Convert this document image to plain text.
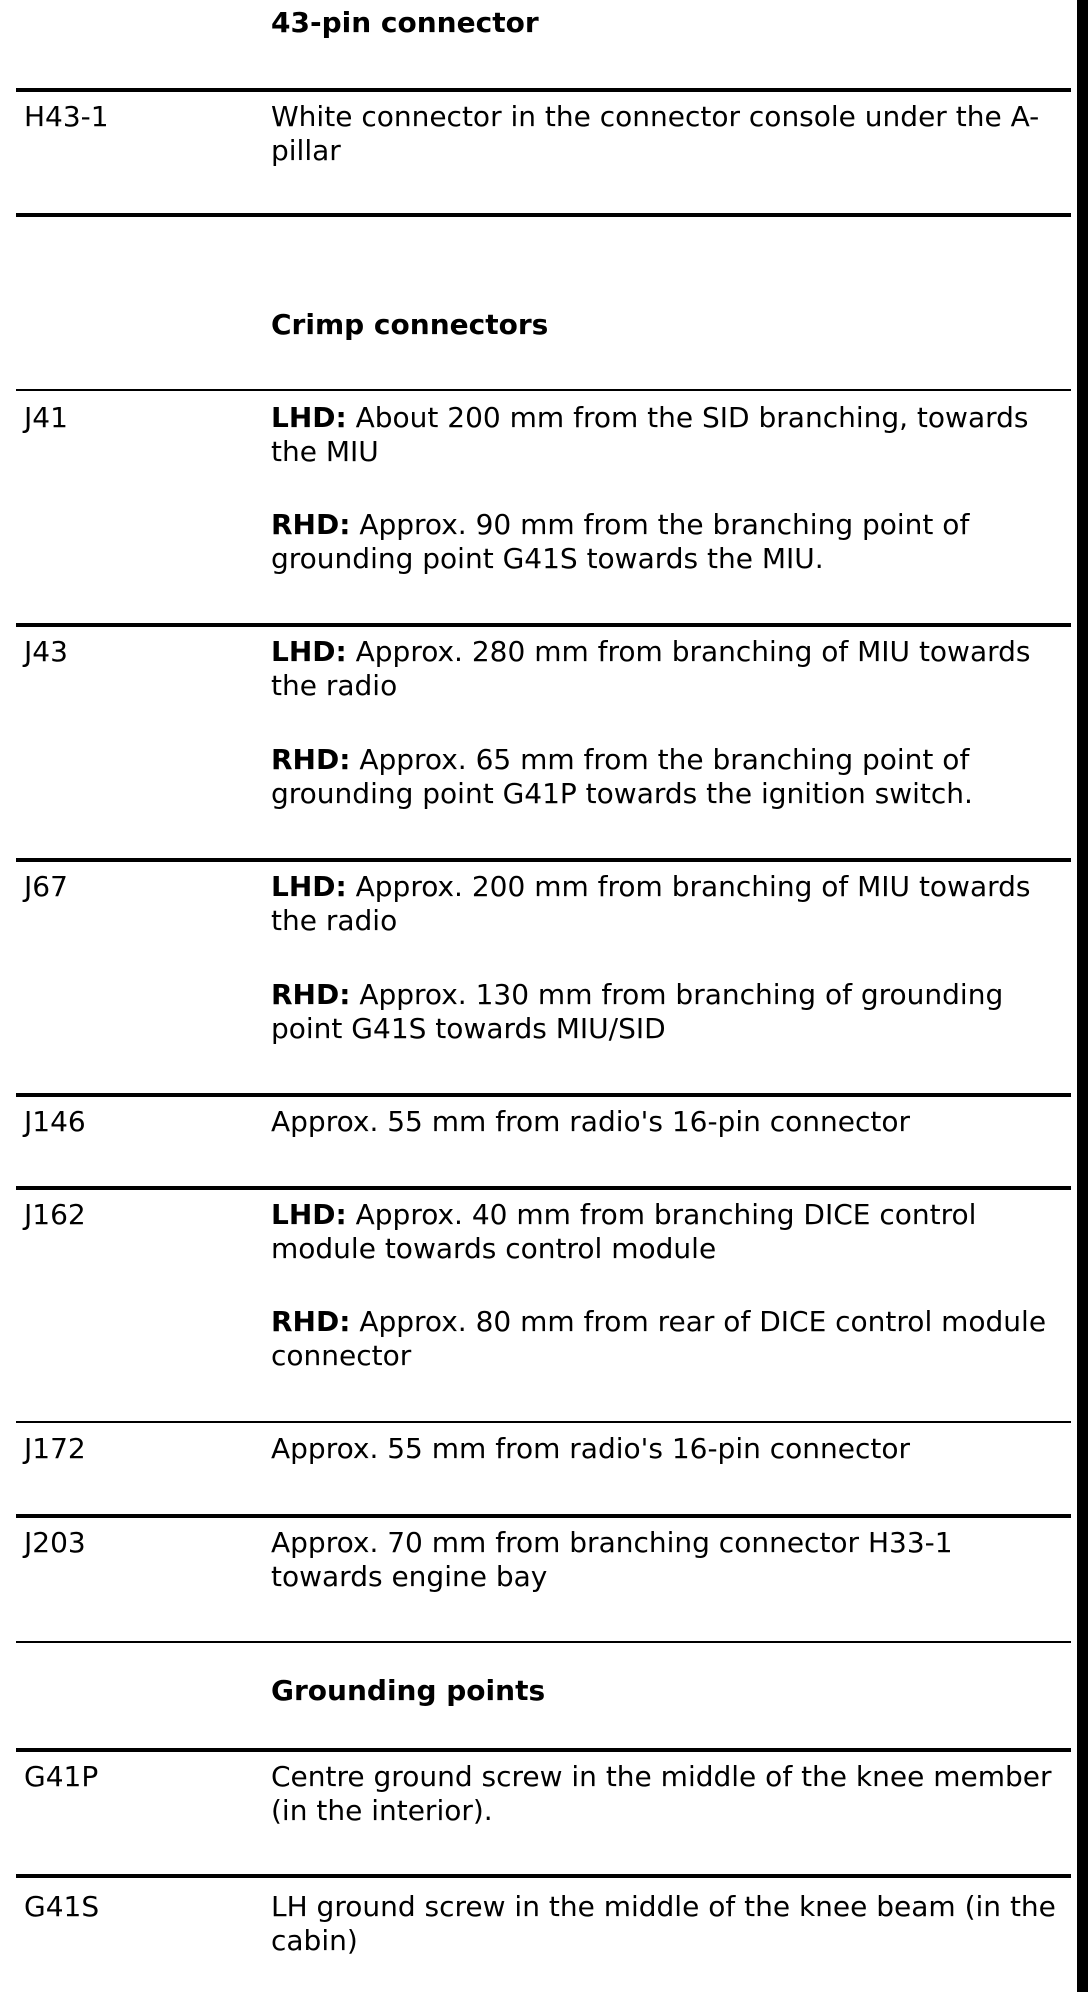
43-pin connector
H43-1	White connector in the connector console under the A-
pillar
Crimp connectors
J41	LHD: About 200 mm from the SID branching, towards
the MIU
RHD: Approx. 90 mm from the branching point of
grounding point G41S towards the MIU.
J43	LHD: Approx. 280 mm from branching of MIU towards
the radio
RHD: Approx. 65 mm from the branching point of
grounding point G41P towards the ignition switch.
J67	LHD: Approx. 200 mm from branching of MIU towards
the radio
RHD: Approx. 130 mm from branching of grounding
point G41S towards MIU/SID
J146	Approx. 55 mm from radio's 16-pin connector
J162	LHD: Approx. 40 mm from branching DICE control
module towards control module
RHD: Approx. 80 mm from rear of DICE control module
connector
J172	Approx. 55 mm from radio's 16-pin connector
J203	Approx. 70 mm from branching connector H33-1
towards engine bay
Grounding points
G41P	Centre ground screw in the middle of the knee member
(in the interior).
G41S	LH ground screw in the middle of the knee beam (in the
cabin)
